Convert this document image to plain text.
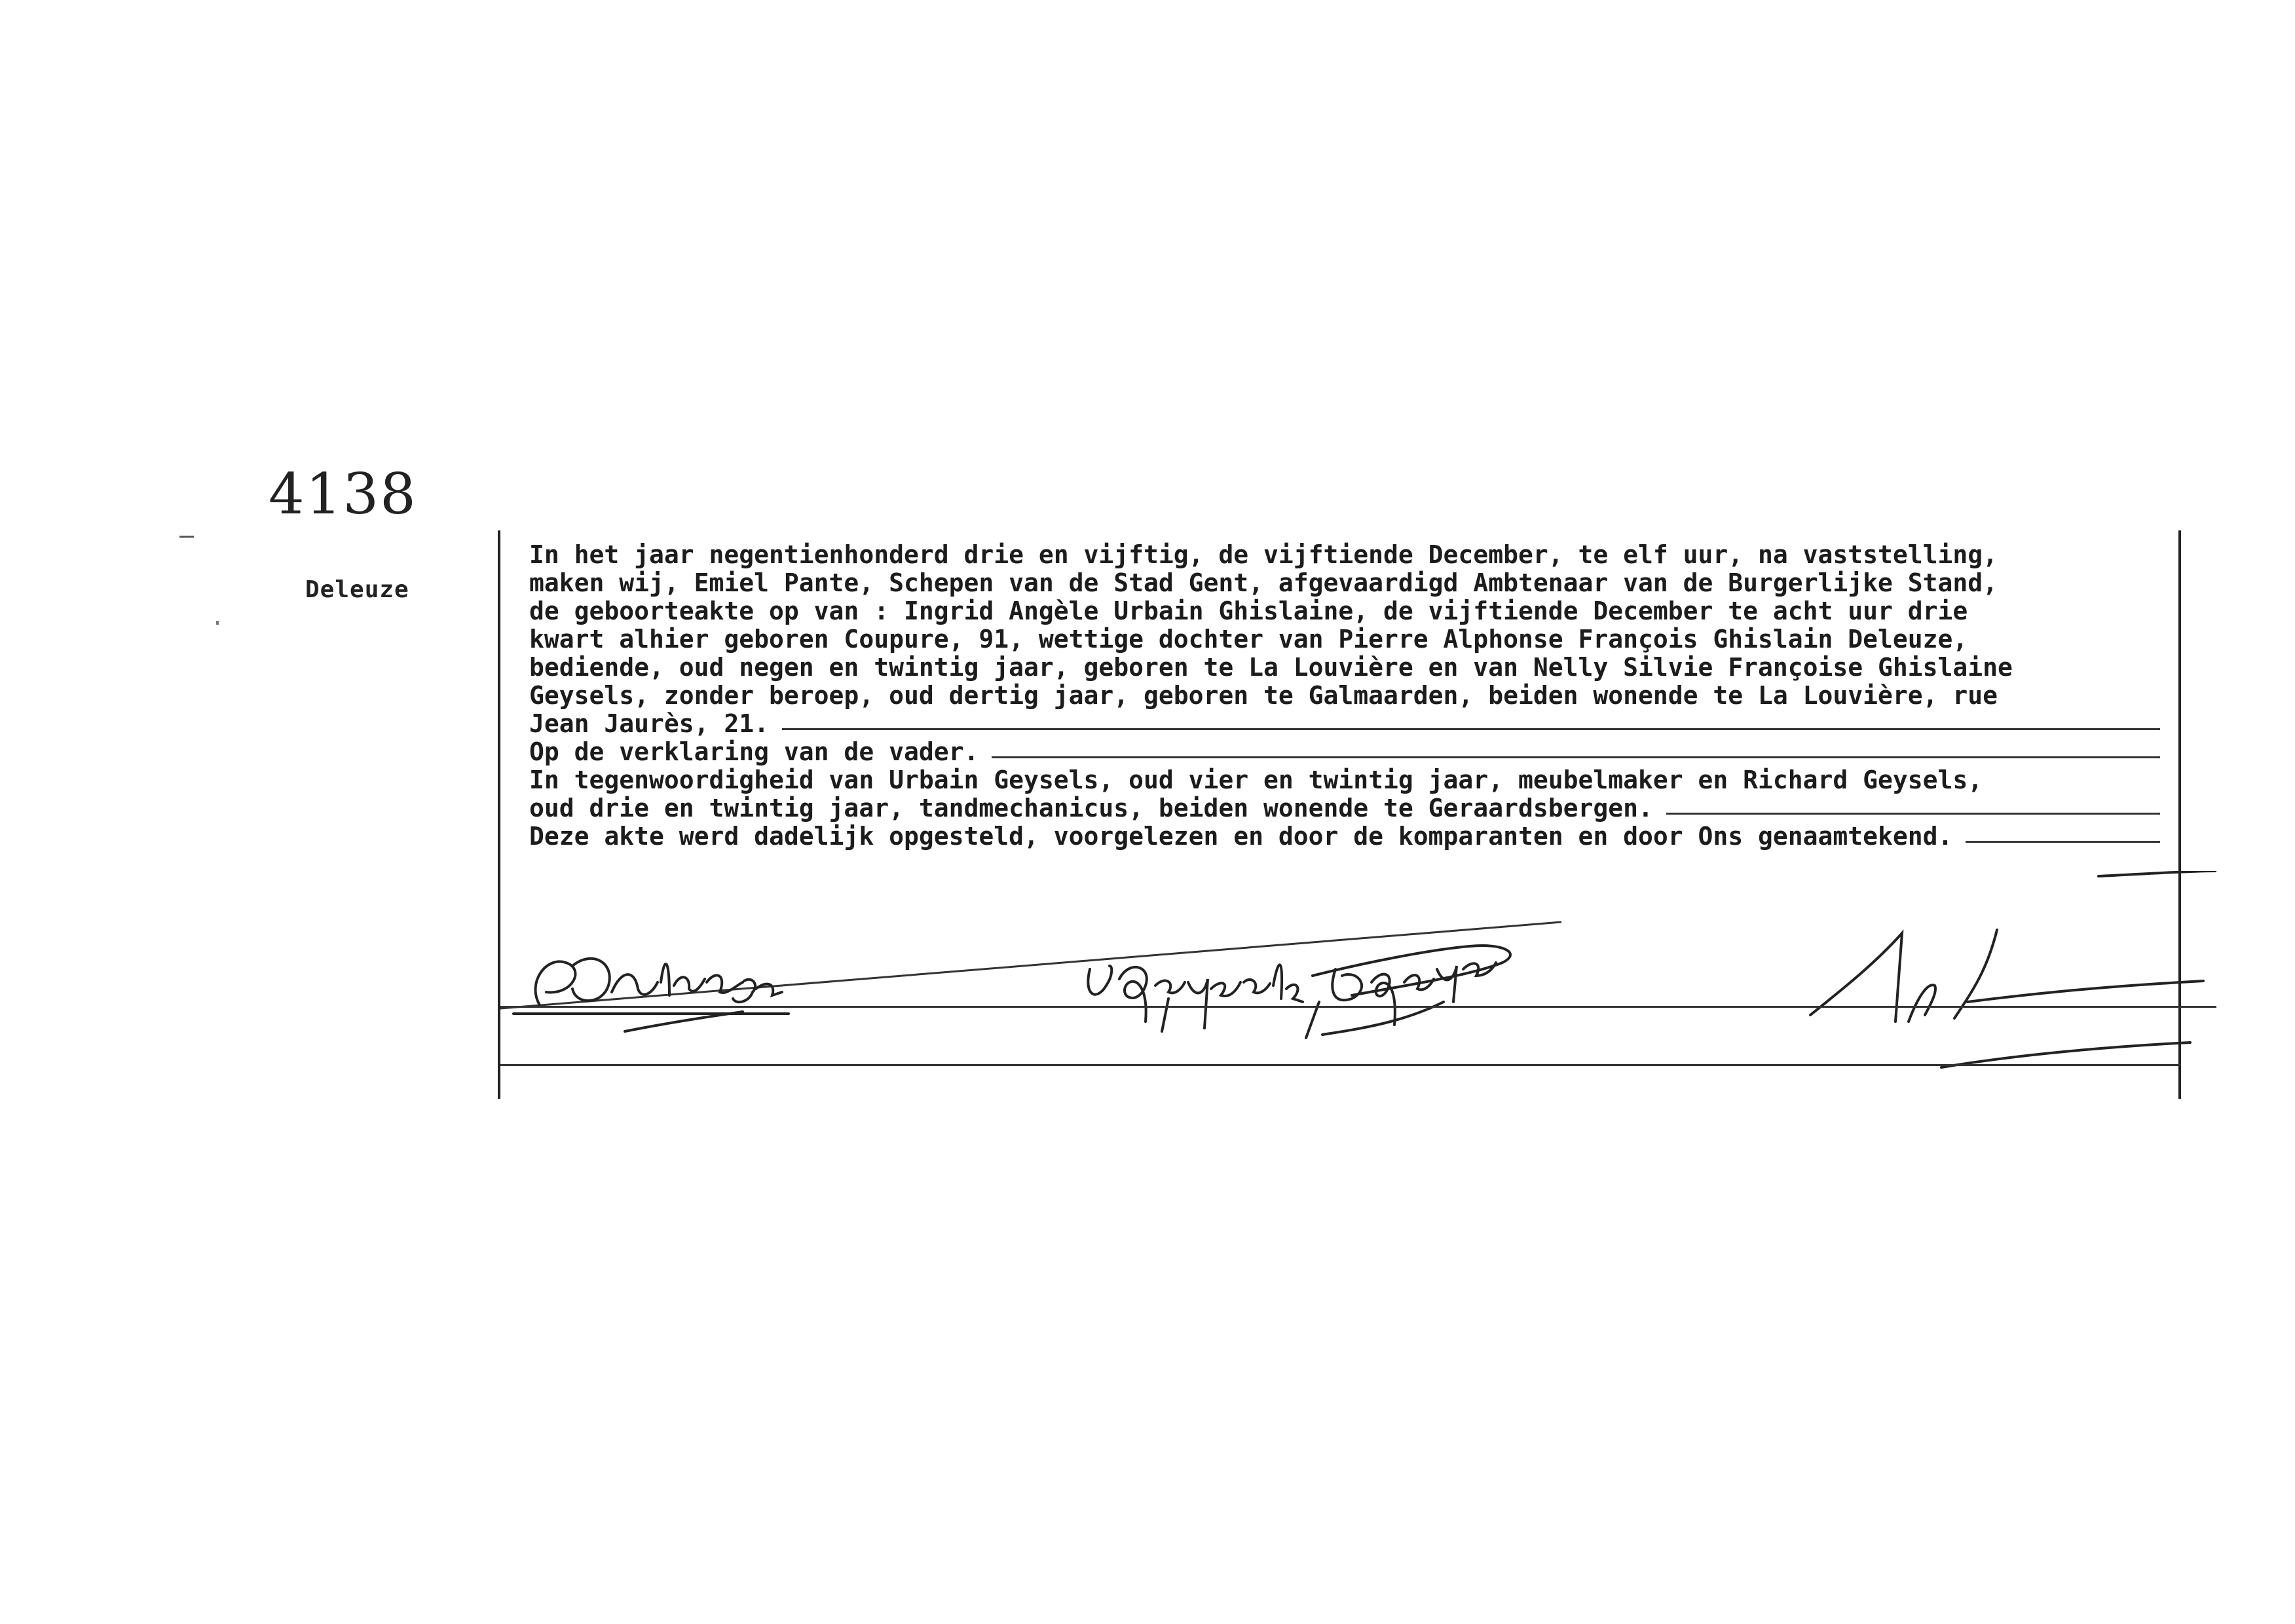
4138
Deleuze
In het jaar negentienhonderd drie en vijftig, de vijftiende December, te elf uur, na vaststelling,
maken wij, Emiel Pante, Schepen van de Stad Gent, afgevaardigd Ambtenaar van de Burgerlijke Stand,
de geboorteakte op van : Ingrid Angèle Urbain Ghislaine, de vijftiende December te acht uur drie
kwart alhier geboren Coupure, 91, wettige dochter van Pierre Alphonse François Ghislain Deleuze,
bediende, oud negen en twintig jaar, geboren te La Louvière en van Nelly Silvie Françoise Ghislaine
Geysels, zonder beroep, oud dertig jaar, geboren te Galmaarden, beiden wonende te La Louvière, rue
Jean Jaurès, 21.
Op de verklaring van de vader.
In tegenwoordigheid van Urbain Geysels, oud vier en twintig jaar, meubelmaker en Richard Geysels,
oud drie en twintig jaar, tandmechanicus, beiden wonende te Geraardsbergen.
Deze akte werd dadelijk opgesteld, voorgelezen en door de komparanten en door Ons genaamtekend.
